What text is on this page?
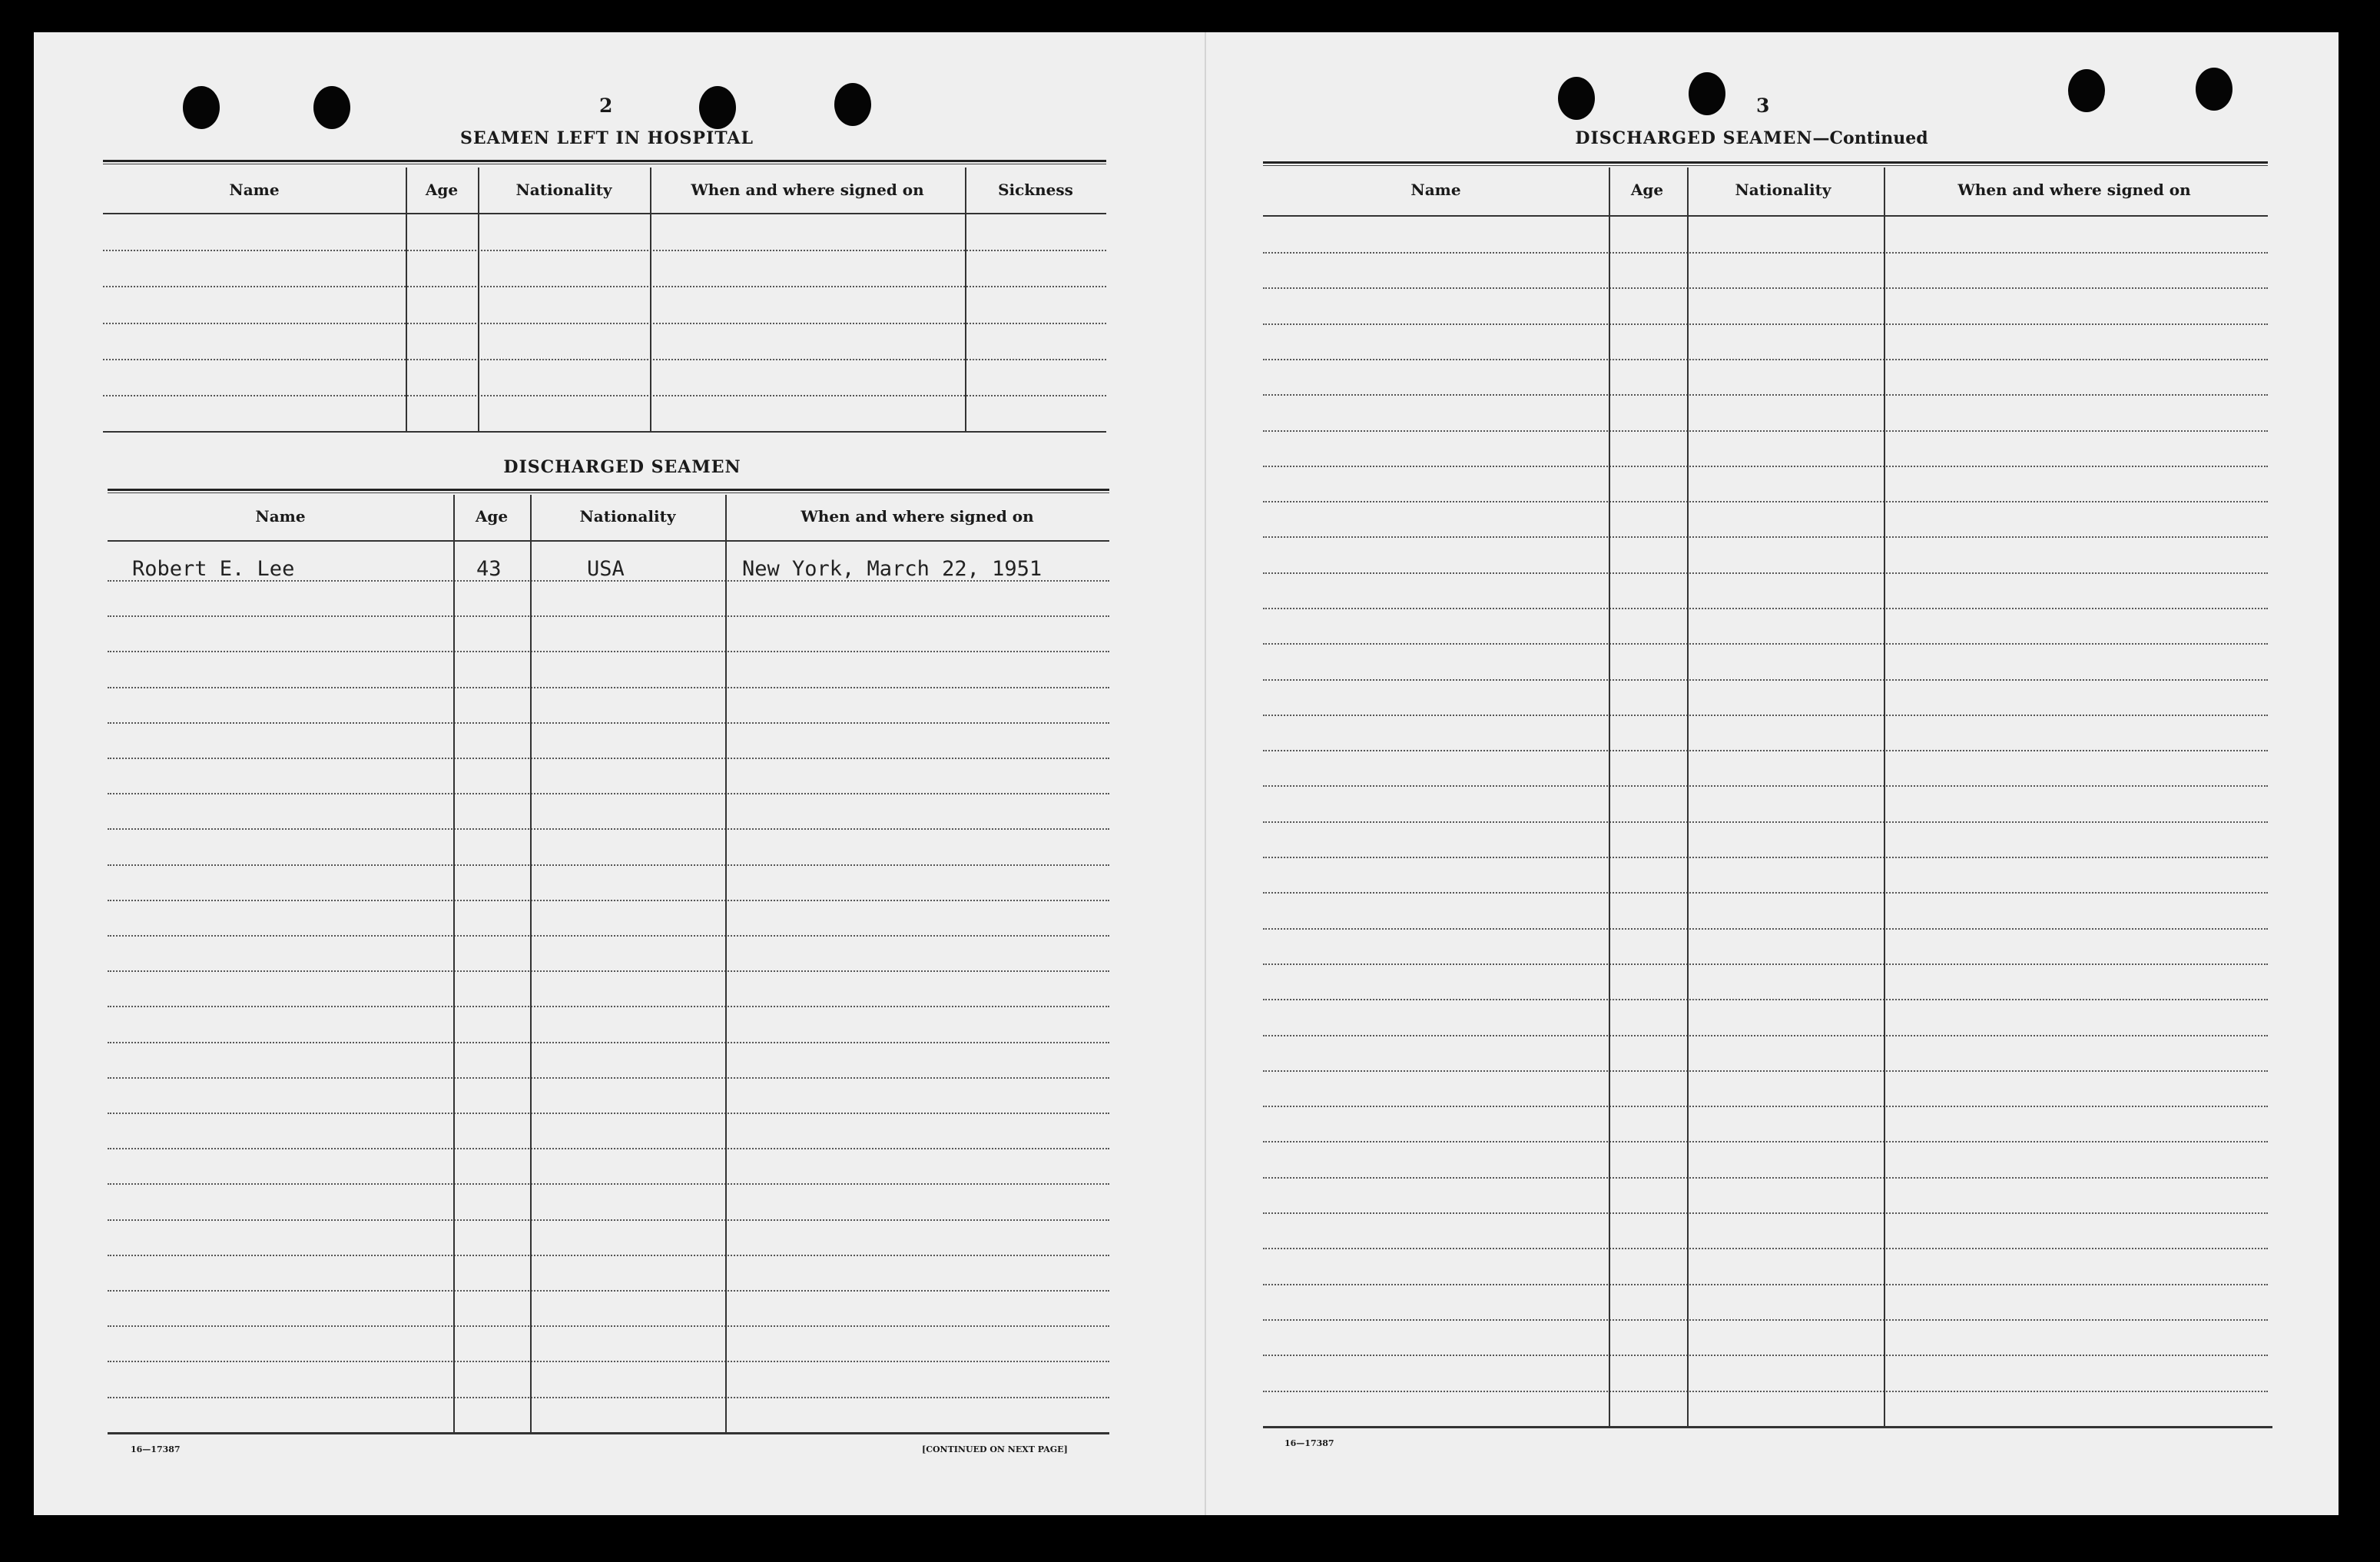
2
SEAMEN LEFT IN HOSPITAL
Name	Age	Nationality	When and where signed on	Sickness
DISCHARGED SEAMEN
Name	Age	Nationality	When and where signed on
Robert E. Lee	43	USA	New York, March 22, 1951
16—17387	[CONTINUED ON NEXT PAGE]
3
DISCHARGED SEAMEN—Continued
Name	Age	Nationality	When and where signed on
16—17387
